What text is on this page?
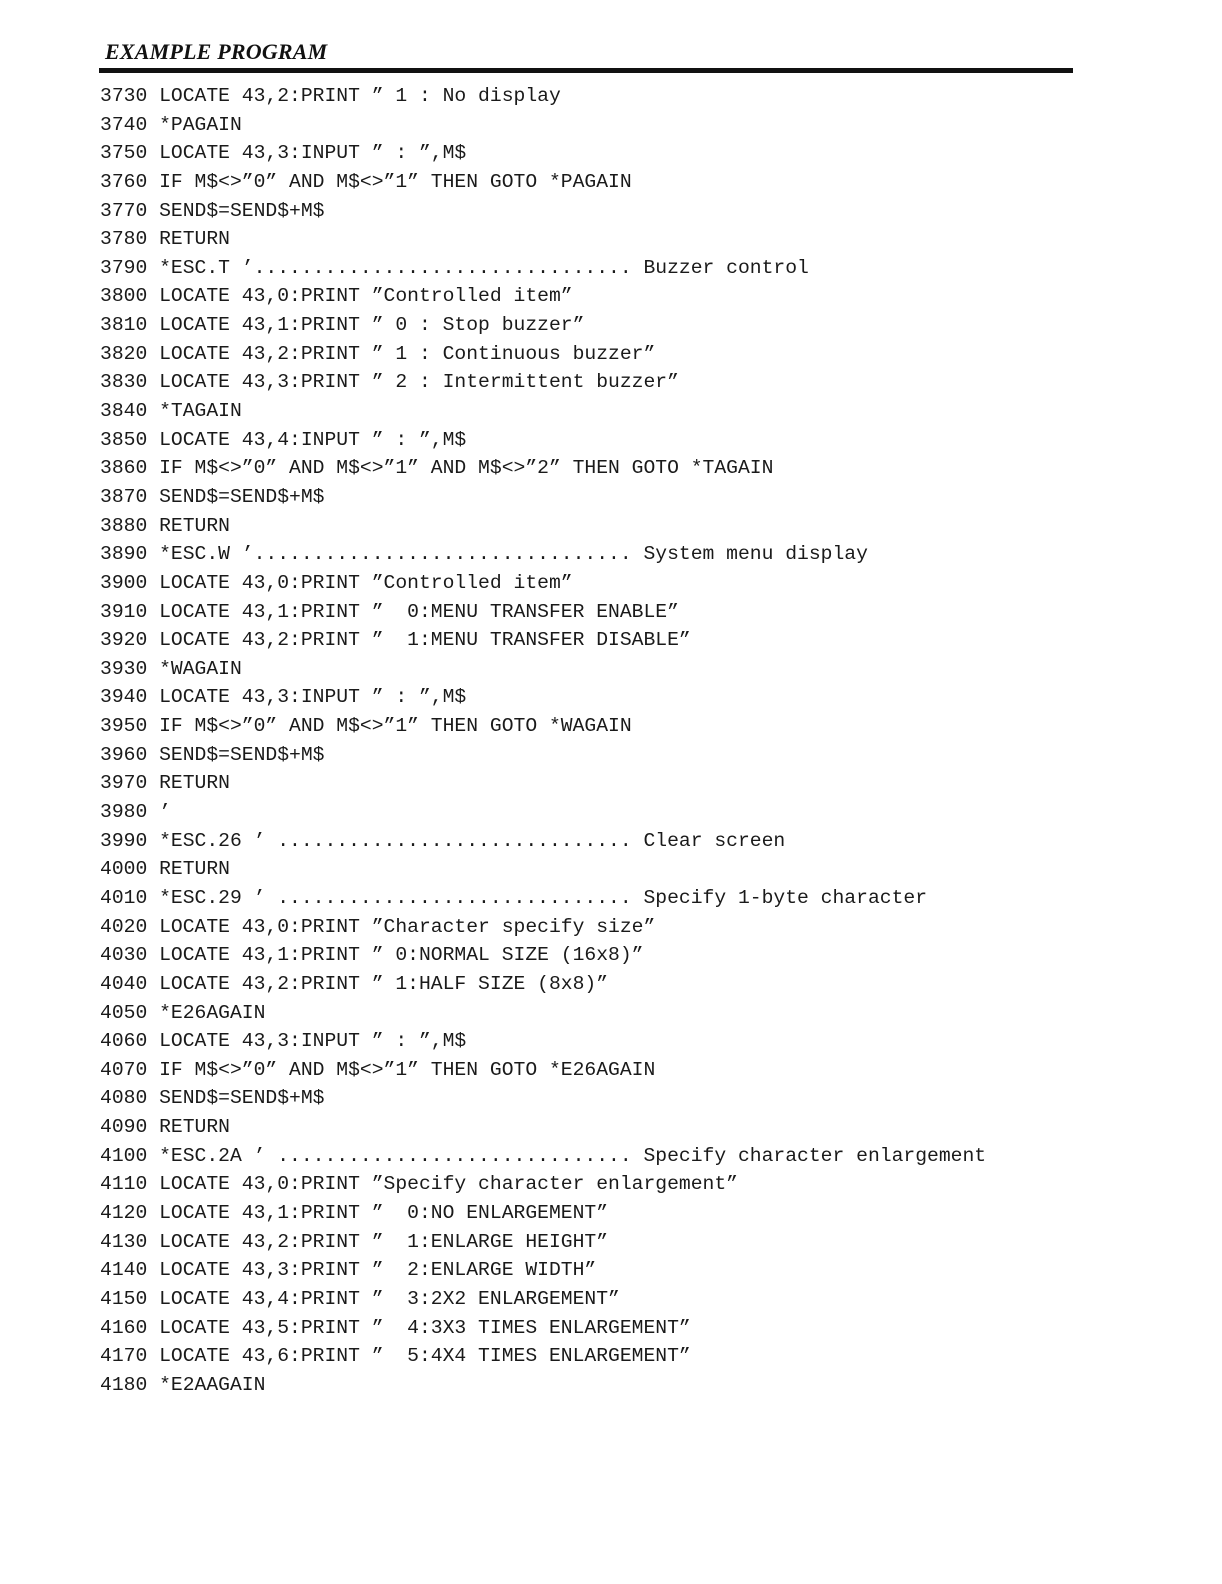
EXAMPLE PROGRAM
3730 LOCATE 43,2:PRINT ” 1 : No display
3740 *PAGAIN
3750 LOCATE 43,3:INPUT ” : ”,M$
3760 IF M$<>”0” AND M$<>”1” THEN GOTO *PAGAIN
3770 SEND$=SEND$+M$
3780 RETURN
3790 *ESC.T ’................................ Buzzer control
3800 LOCATE 43,0:PRINT ”Controlled item”
3810 LOCATE 43,1:PRINT ” 0 : Stop buzzer”
3820 LOCATE 43,2:PRINT ” 1 : Continuous buzzer”
3830 LOCATE 43,3:PRINT ” 2 : Intermittent buzzer”
3840 *TAGAIN
3850 LOCATE 43,4:INPUT ” : ”,M$
3860 IF M$<>”0” AND M$<>”1” AND M$<>”2” THEN GOTO *TAGAIN
3870 SEND$=SEND$+M$
3880 RETURN
3890 *ESC.W ’................................ System menu display
3900 LOCATE 43,0:PRINT ”Controlled item”
3910 LOCATE 43,1:PRINT ”  0:MENU TRANSFER ENABLE”
3920 LOCATE 43,2:PRINT ”  1:MENU TRANSFER DISABLE”
3930 *WAGAIN
3940 LOCATE 43,3:INPUT ” : ”,M$
3950 IF M$<>”0” AND M$<>”1” THEN GOTO *WAGAIN
3960 SEND$=SEND$+M$
3970 RETURN
3980 ’
3990 *ESC.26 ’ .............................. Clear screen
4000 RETURN
4010 *ESC.29 ’ .............................. Specify 1-byte character
4020 LOCATE 43,0:PRINT ”Character specify size”
4030 LOCATE 43,1:PRINT ” 0:NORMAL SIZE (16x8)”
4040 LOCATE 43,2:PRINT ” 1:HALF SIZE (8x8)”
4050 *E26AGAIN
4060 LOCATE 43,3:INPUT ” : ”,M$
4070 IF M$<>”0” AND M$<>”1” THEN GOTO *E26AGAIN
4080 SEND$=SEND$+M$
4090 RETURN
4100 *ESC.2A ’ .............................. Specify character enlargement
4110 LOCATE 43,0:PRINT ”Specify character enlargement”
4120 LOCATE 43,1:PRINT ”  0:NO ENLARGEMENT”
4130 LOCATE 43,2:PRINT ”  1:ENLARGE HEIGHT”
4140 LOCATE 43,3:PRINT ”  2:ENLARGE WIDTH”
4150 LOCATE 43,4:PRINT ”  3:2X2 ENLARGEMENT”
4160 LOCATE 43,5:PRINT ”  4:3X3 TIMES ENLARGEMENT”
4170 LOCATE 43,6:PRINT ”  5:4X4 TIMES ENLARGEMENT”
4180 *E2AAGAIN
